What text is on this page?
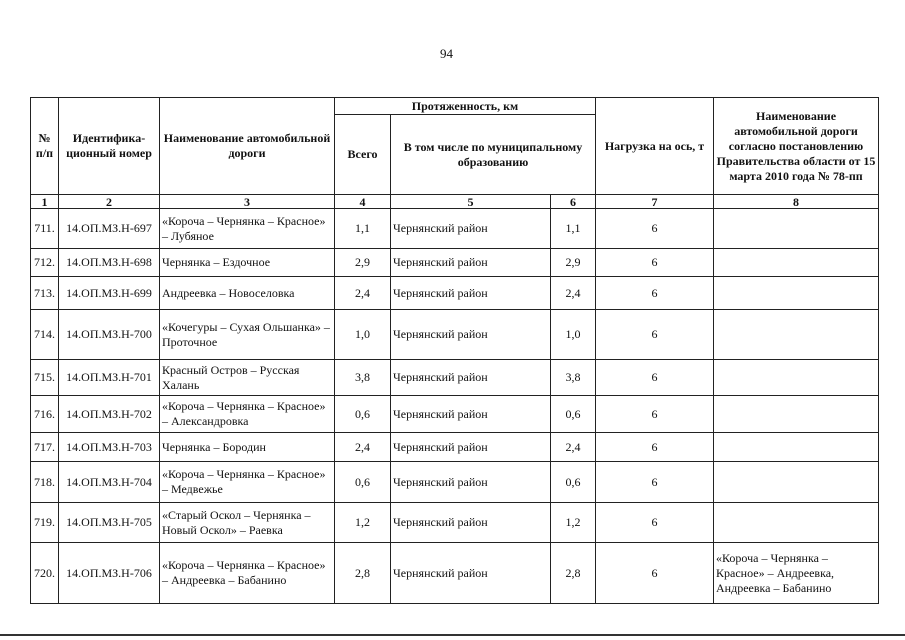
94
№ п/п	Идентифика-ционный номер	Наименование автомобильной дороги	Протяженность, км			Нагрузка на ось, т	Наименование автомобильной дороги согласно постановлению Правительства области от 15 марта 2010 года № 78-пп
			Всего	В том числе по муниципальному образованию			
1	2	3	4	5	6	7	8
711.	14.ОП.МЗ.Н-697	«Короча – Чернянка – Красное» – Лубяное	1,1	Чернянский район	1,1	6	
712.	14.ОП.МЗ.Н-698	Чернянка – Ездочное	2,9	Чернянский район	2,9	6	
713.	14.ОП.МЗ.Н-699	Андреевка – Новоселовка	2,4	Чернянский район	2,4	6	
714.	14.ОП.МЗ.Н-700	«Кочегуры – Сухая Ольшанка» – Проточное	1,0	Чернянский район	1,0	6	
715.	14.ОП.МЗ.Н-701	Красный Остров – Русская Халань	3,8	Чернянский район	3,8	6	
716.	14.ОП.МЗ.Н-702	«Короча – Чернянка – Красное» – Александровка	0,6	Чернянский район	0,6	6	
717.	14.ОП.МЗ.Н-703	Чернянка – Бородин	2,4	Чернянский район	2,4	6	
718.	14.ОП.МЗ.Н-704	«Короча – Чернянка – Красное» – Медвежье	0,6	Чернянский район	0,6	6	
719.	14.ОП.МЗ.Н-705	«Старый Оскол – Чернянка – Новый Оскол» – Раевка	1,2	Чернянский район	1,2	6	
720.	14.ОП.МЗ.Н-706	«Короча – Чернянка – Красное» – Андреевка – Бабанино	2,8	Чернянский район	2,8	6	«Короча – Чернянка – Красное» – Андреевка, Андреевка – Бабанино
